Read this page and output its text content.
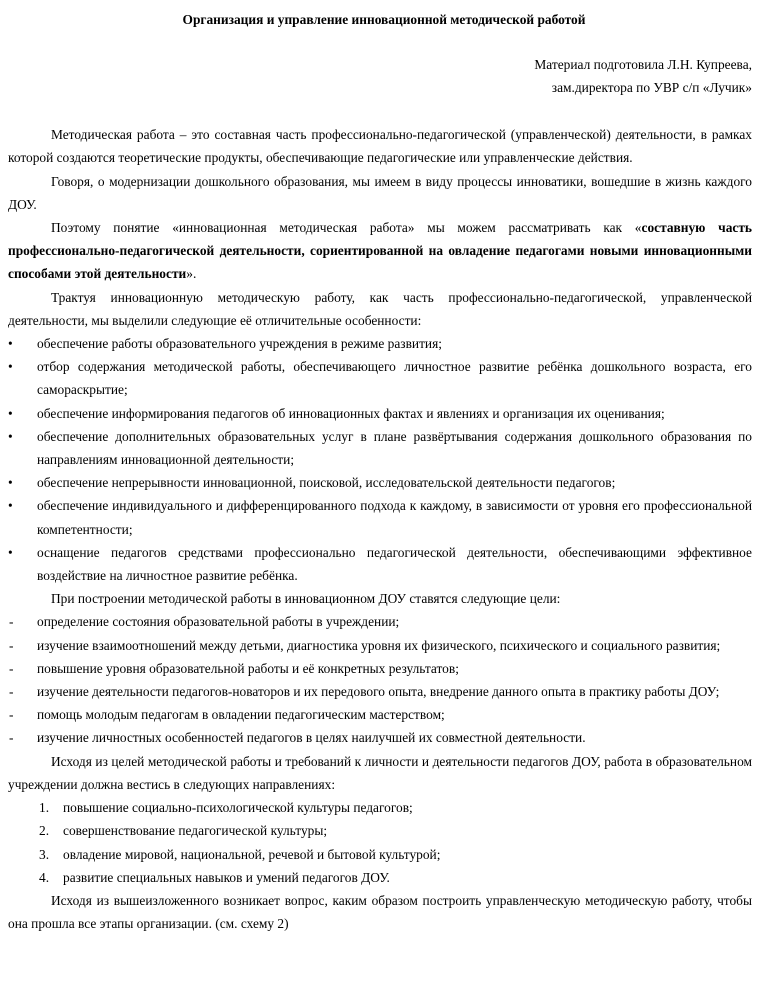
Организация и управление инновационной методической работой
Материал подготовила Л.Н. Купреева,
зам.директора по УВР с/п «Лучик»

Методическая работа – это составная часть профессионально-педагогической (управленческой) деятельности, в рамках которой создаются теоретические продукты, обеспечивающие педагогические или управленческие действия.

Говоря, о модернизации дошкольного образования, мы имеем в виду процессы инноватики, вошедшие в жизнь каждого ДОУ.

Поэтому понятие «инновационная методическая работа» мы можем рассматривать как «составную часть профессионально-педагогической деятельности, сориентированной на овладение педагогами новыми инновационными способами этой деятельности».

Трактуя инновационную методическую работу, как часть профессионально-педагогической, управленческой деятельности, мы выделили следующие её отличительные особенности:

• обеспечение работы образовательного учреждения в режиме развития;
• отбор содержания методической работы, обеспечивающего личностное развитие ребёнка дошкольного возраста, его самораскрытие;
• обеспечение информирования педагогов об инновационных фактах и явлениях и организация их оценивания;
• обеспечение дополнительных образовательных услуг в плане развёртывания содержания дошкольного образования по направлениям инновационной деятельности;
• обеспечение непрерывности инновационной, поисковой, исследовательской деятельности педагогов;
• обеспечение индивидуального и дифференцированного подхода к каждому, в зависимости от уровня его профессиональной компетентности;
• оснащение педагогов средствами профессионально педагогической деятельности, обеспечивающими эффективное воздействие на личностное развитие ребёнка.

При построении методической работы в инновационном ДОУ ставятся следующие цели:

- определение состояния образовательной работы в учреждении;
- изучение взаимоотношений между детьми, диагностика уровня их физического, психического и социального развития;
- повышение уровня образовательной работы и её конкретных результатов;
- изучение деятельности педагогов-новаторов и их передового опыта, внедрение данного опыта в практику работы ДОУ;
- помощь молодым педагогам в овладении педагогическим мастерством;
- изучение личностных особенностей педагогов в целях наилучшей их совместной деятельности.

Исходя из целей методической работы и требований к личности и деятельности педагогов ДОУ, работа в образовательном учреждении должна вестись в следующих направлениях:

1. повышение социально-психологической культуры педагогов;
2. совершенствование педагогической культуры;
3. овладение мировой, национальной, речевой и бытовой культурой;
4. развитие специальных навыков и умений педагогов ДОУ.

Исходя из вышеизложенного возникает вопрос, каким образом построить управленческую методическую работу, чтобы она прошла все этапы организации. (см. схему 2)
